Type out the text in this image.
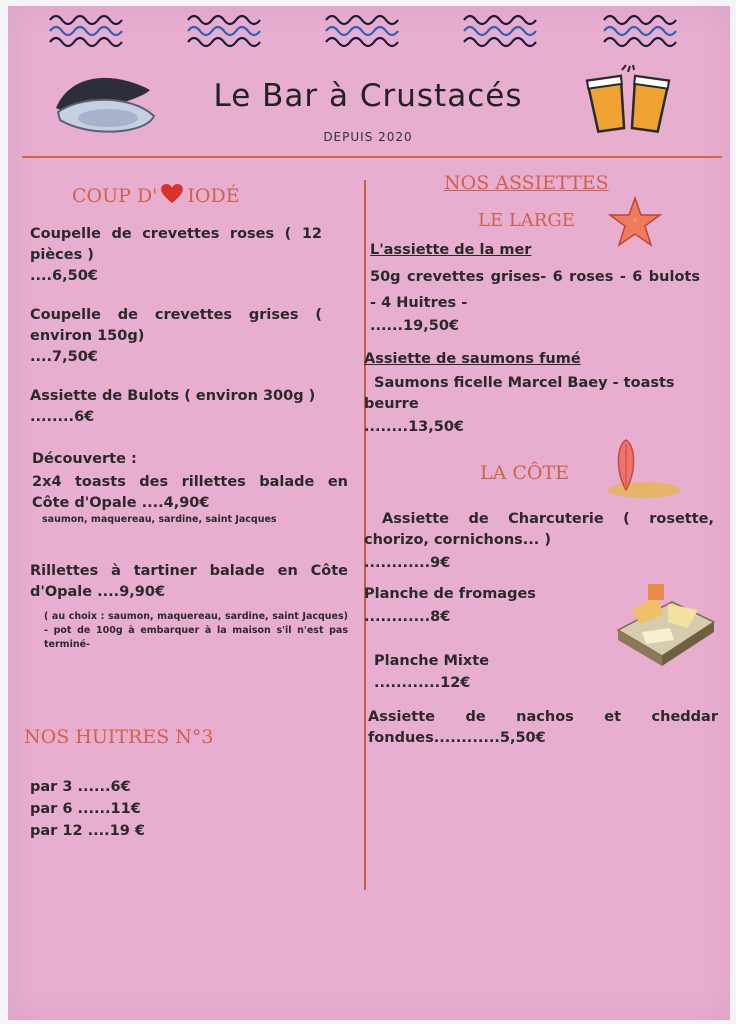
Le Bar à Crustacés
DEPUIS 2020
COUP D' IODÉ
Coupelle de crevettes roses ( 12 pièces )
....6,50€
Coupelle de crevettes grises ( environ 150g)
....7,50€
Assiette de Bulots ( environ 300g )
........6€
Découverte :
2x4 toasts des rillettes balade en Côte d'Opale ....4,90€
saumon, maquereau, sardine, saint Jacques
Rillettes à tartiner balade en Côte d'Opale ....9,90€
( au choix : saumon, maquereau, sardine, saint Jacques) - pot de 100g à embarquer à la maison s'il n'est pas terminé-
NOS HUITRES N°3
par 3 ......6€
par 6 ......11€
par 12 ....19 €
NOS ASSIETTES
LE LARGE
L'assiette de la mer
50g crevettes grises- 6 roses - 6 bulots - 4 Huitres -
......19,50€
Assiette de saumons fumé
Saumons ficelle Marcel Baey - toasts beurre
........13,50€
LA CÔTE
Assiette de Charcuterie ( rosette, chorizo, cornichons... )
............9€
Planche de fromages
............8€
Planche Mixte
............12€
Assiette de nachos et cheddar fondues............5,50€
